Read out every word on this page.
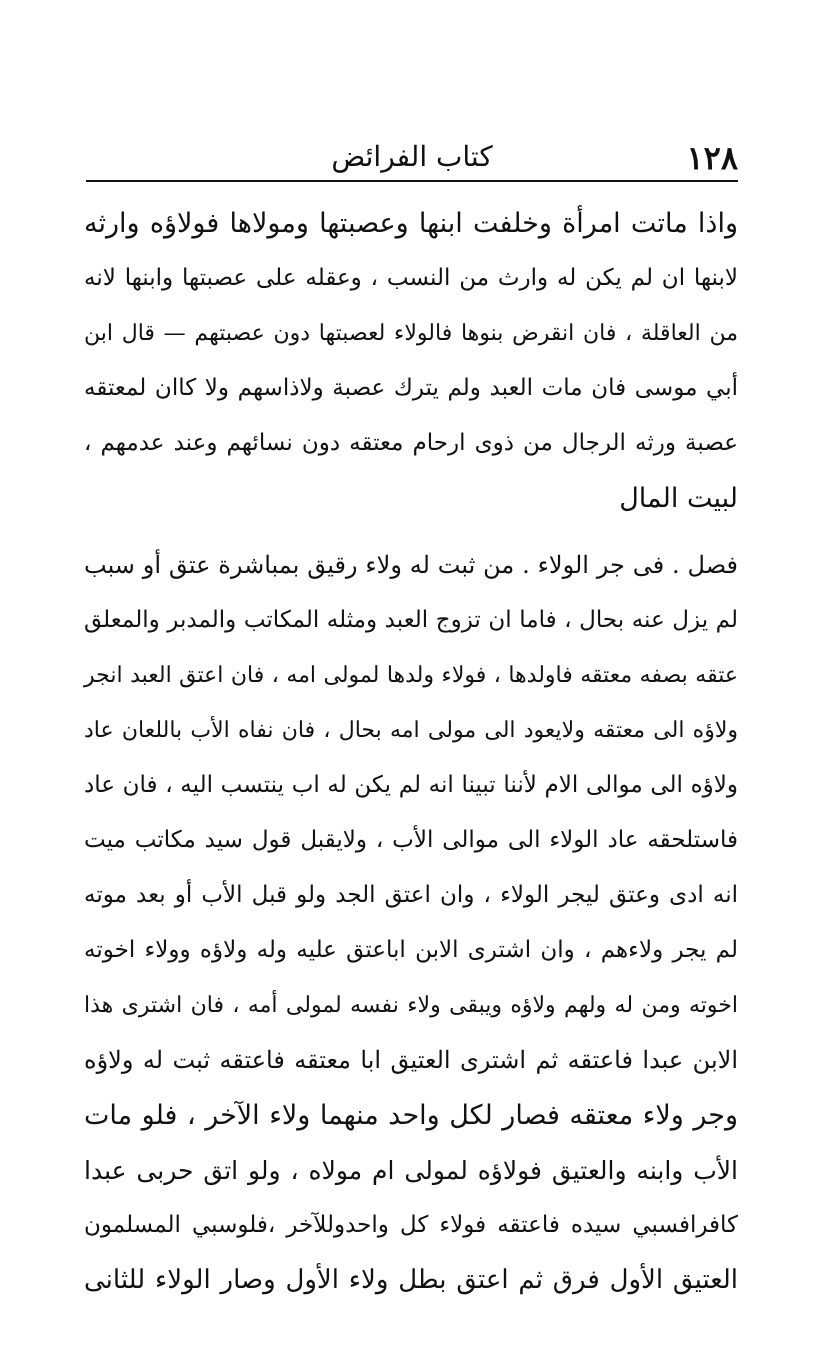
١٢٨
كتاب الفرائض
واذا ماتت امرأة وخلفت ابنها وعصبتها ومولاها فولاؤه وارثه
لابنها ان لم يكن له وارث من النسب ، وعقله على عصبتها وابنها لانه
من العاقلة ، فان انقرض بنوها فالولاء لعصبتها دون عصبتهم — قال ابن
أبي موسى فان مات العبد ولم يترك عصبة ولاذاسهم ولا كاان لمعتقه
عصبة ورثه الرجال من ذوى ارحام معتقه دون نسائهم وعند عدمهم ،
لبيت المال
فصل . فى جر الولاء . من ثبت له ولاء رقيق بمباشرة عتق أو سبب
لم يزل عنه بحال ، فاما ان تزوج العبد ومثله المكاتب والمدبر والمعلق
عتقه بصفه معتقه فاولدها ، فولاء ولدها لمولى امه ، فان اعتق العبد انجر
ولاؤه الى معتقه ولايعود الى مولى امه بحال ، فان نفاه الأب باللعان عاد
ولاؤه الى موالى الام لأننا تبينا انه لم يكن له اب ينتسب اليه ، فان عاد
فاستلحقه عاد الولاء الى موالى الأب ، ولايقبل قول سيد مكاتب ميت
انه ادى وعتق ليجر الولاء ، وان اعتق الجد ولو قبل الأب أو بعد موته
لم يجر ولاءهم ، وان اشترى الابن اباعتق عليه وله ولاؤه وولاء اخوته
اخوته ومن له ولهم ولاؤه ويبقى ولاء نفسه لمولى أمه ، فان اشترى هذا
الابن عبدا فاعتقه ثم اشترى العتيق ابا معتقه فاعتقه ثبت له ولاؤه
وجر ولاء معتقه فصار لكل واحد منهما ولاء الآخر ، فلو مات
الأب وابنه والعتيق فولاؤه لمولى ام مولاه ، ولو اتق حربى عبدا
كافرافسبي سيده فاعتقه فولاء كل واحدوللآخر ،فلوسبي المسلمون
العتيق الأول فرق ثم اعتق بطل ولاء الأول وصار الولاء للثانى
